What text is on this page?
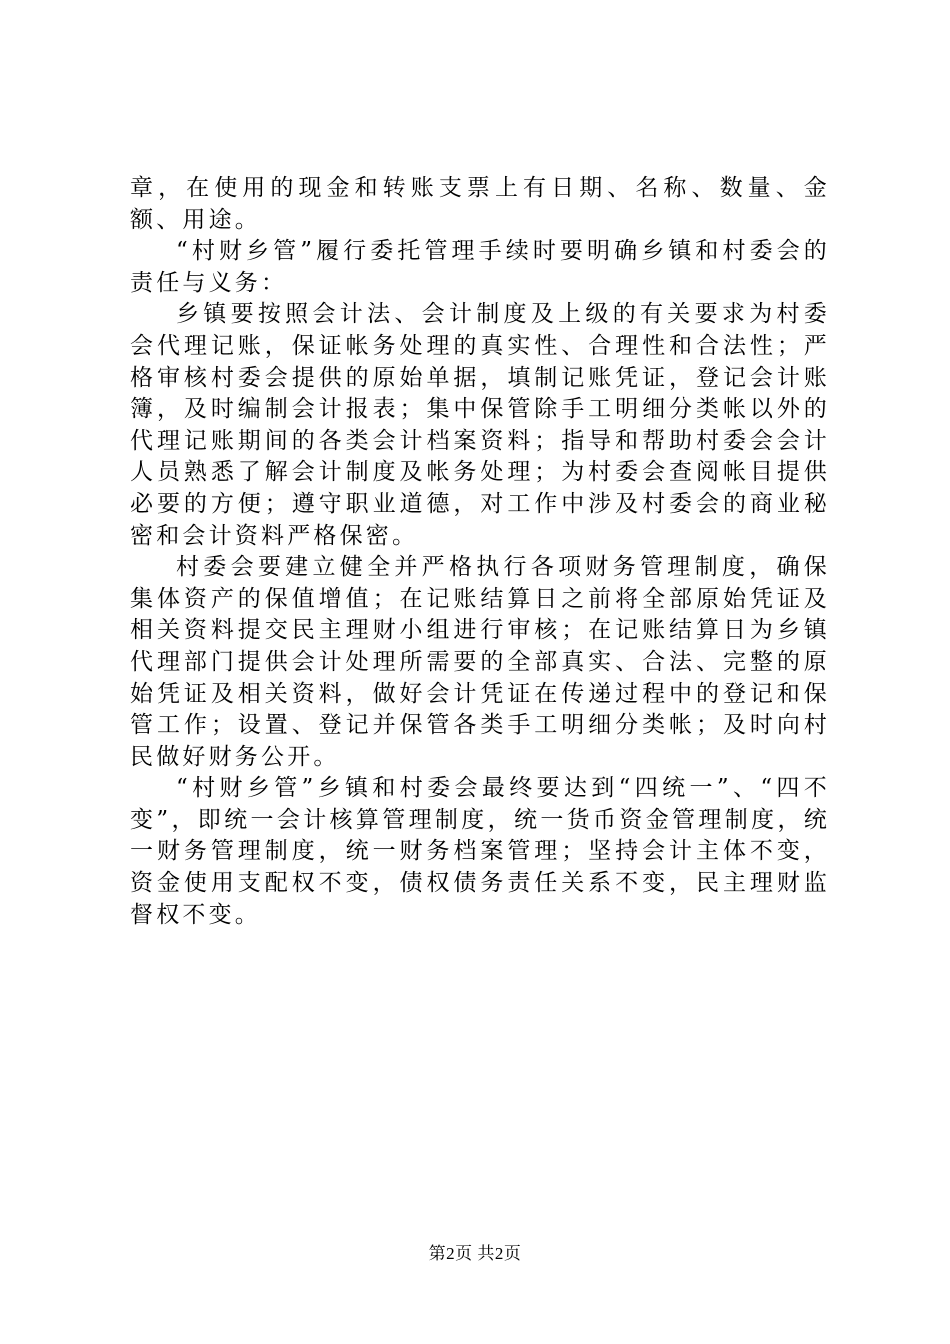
章，在使用的现金和转账支票上有日期、名称、数量、金额、用途。

“村财乡管”履行委托管理手续时要明确乡镇和村委会的责任与义务：

乡镇要按照会计法、会计制度及上级的有关要求为村委会代理记账，保证帐务处理的真实性、合理性和合法性；严格审核村委会提供的原始单据，填制记账凭证，登记会计账簿，及时编制会计报表；集中保管除手工明细分类帐以外的代理记账期间的各类会计档案资料；指导和帮助村委会会计人员熟悉了解会计制度及帐务处理；为村委会查阅帐目提供必要的方便；遵守职业道德，对工作中涉及村委会的商业秘密和会计资料严格保密。

村委会要建立健全并严格执行各项财务管理制度，确保集体资产的保值增值；在记账结算日之前将全部原始凭证及相关资料提交民主理财小组进行审核；在记账结算日为乡镇代理部门提供会计处理所需要的全部真实、合法、完整的原始凭证及相关资料，做好会计凭证在传递过程中的登记和保管工作；设置、登记并保管各类手工明细分类帐；及时向村民做好财务公开。

“村财乡管”乡镇和村委会最终要达到“四统一”、“四不变”，即统一会计核算管理制度，统一货币资金管理制度，统一财务管理制度，统一财务档案管理；坚持会计主体不变，资金使用支配权不变，债权债务责任关系不变，民主理财监督权不变。

第2页 共2页
